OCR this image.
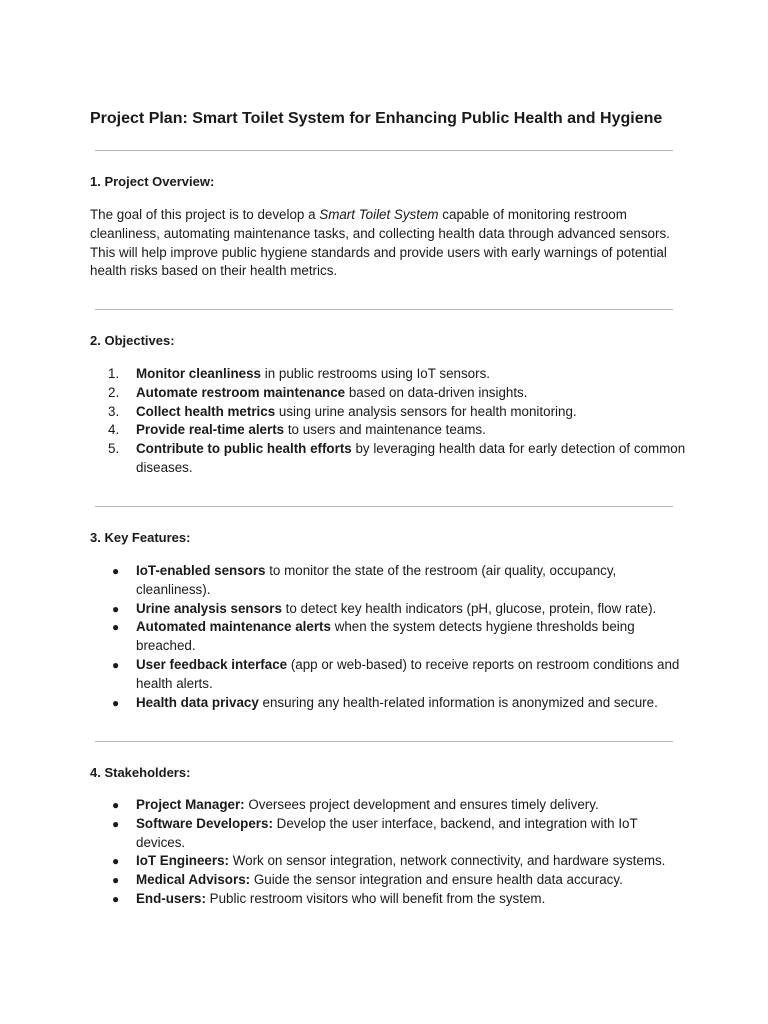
Project Plan: Smart Toilet System for Enhancing Public Health and Hygiene
1. Project Overview:

The goal of this project is to develop a Smart Toilet System capable of monitoring restroom cleanliness, automating maintenance tasks, and collecting health data through advanced sensors. This will help improve public hygiene standards and provide users with early warnings of potential health risks based on their health metrics.

2. Objectives:
1. Monitor cleanliness in public restrooms using IoT sensors.
2. Automate restroom maintenance based on data-driven insights.
3. Collect health metrics using urine analysis sensors for health monitoring.
4. Provide real-time alerts to users and maintenance teams.
5. Contribute to public health efforts by leveraging health data for early detection of common diseases.
3. Key Features:
● IoT-enabled sensors to monitor the state of the restroom (air quality, occupancy, cleanliness).
● Urine analysis sensors to detect key health indicators (pH, glucose, protein, flow rate).
● Automated maintenance alerts when the system detects hygiene thresholds being breached.
● User feedback interface (app or web-based) to receive reports on restroom conditions and health alerts.
● Health data privacy ensuring any health-related information is anonymized and secure.
4. Stakeholders:
● Project Manager: Oversees project development and ensures timely delivery.
● Software Developers: Develop the user interface, backend, and integration with IoT devices.
● IoT Engineers: Work on sensor integration, network connectivity, and hardware systems.
● Medical Advisors: Guide the sensor integration and ensure health data accuracy.
● End-users: Public restroom visitors who will benefit from the system.
